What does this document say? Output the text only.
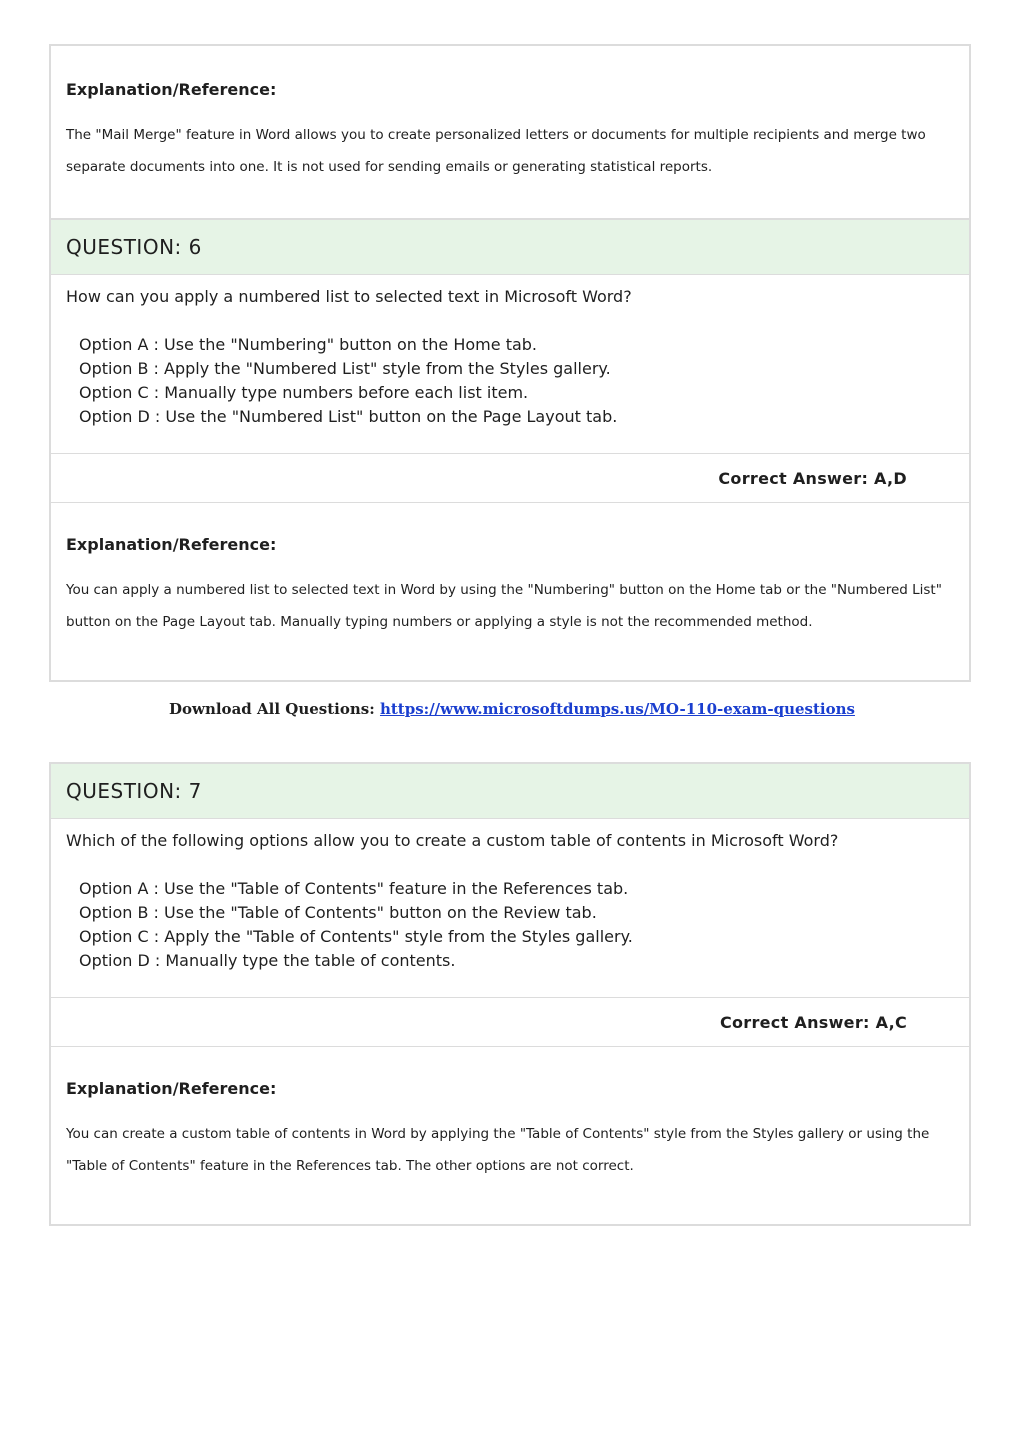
Explanation/Reference:

The "Mail Merge" feature in Word allows you to create personalized letters or documents for multiple recipients and merge two separate documents into one. It is not used for sending emails or generating statistical reports.

QUESTION: 6
How can you apply a numbered list to selected text in Microsoft Word?
Option A : Use the "Numbering" button on the Home tab.
Option B : Apply the "Numbered List" style from the Styles gallery.
Option C : Manually type numbers before each list item.
Option D : Use the "Numbered List" button on the Page Layout tab.
Correct Answer: A,D

Explanation/Reference:

You can apply a numbered list to selected text in Word by using the "Numbering" button on the Home tab or the "Numbered List" button on the Page Layout tab. Manually typing numbers or applying a style is not the recommended method.

Download All Questions: https://www.microsoftdumps.us/MO-110-exam-questions
QUESTION: 7
Which of the following options allow you to create a custom table of contents in Microsoft Word?
Option A : Use the "Table of Contents" feature in the References tab.
Option B : Use the "Table of Contents" button on the Review tab.
Option C : Apply the "Table of Contents" style from the Styles gallery.
Option D : Manually type the table of contents.
Correct Answer: A,C

Explanation/Reference:

You can create a custom table of contents in Word by applying the "Table of Contents" style from the Styles gallery or using the "Table of Contents" feature in the References tab. The other options are not correct.
